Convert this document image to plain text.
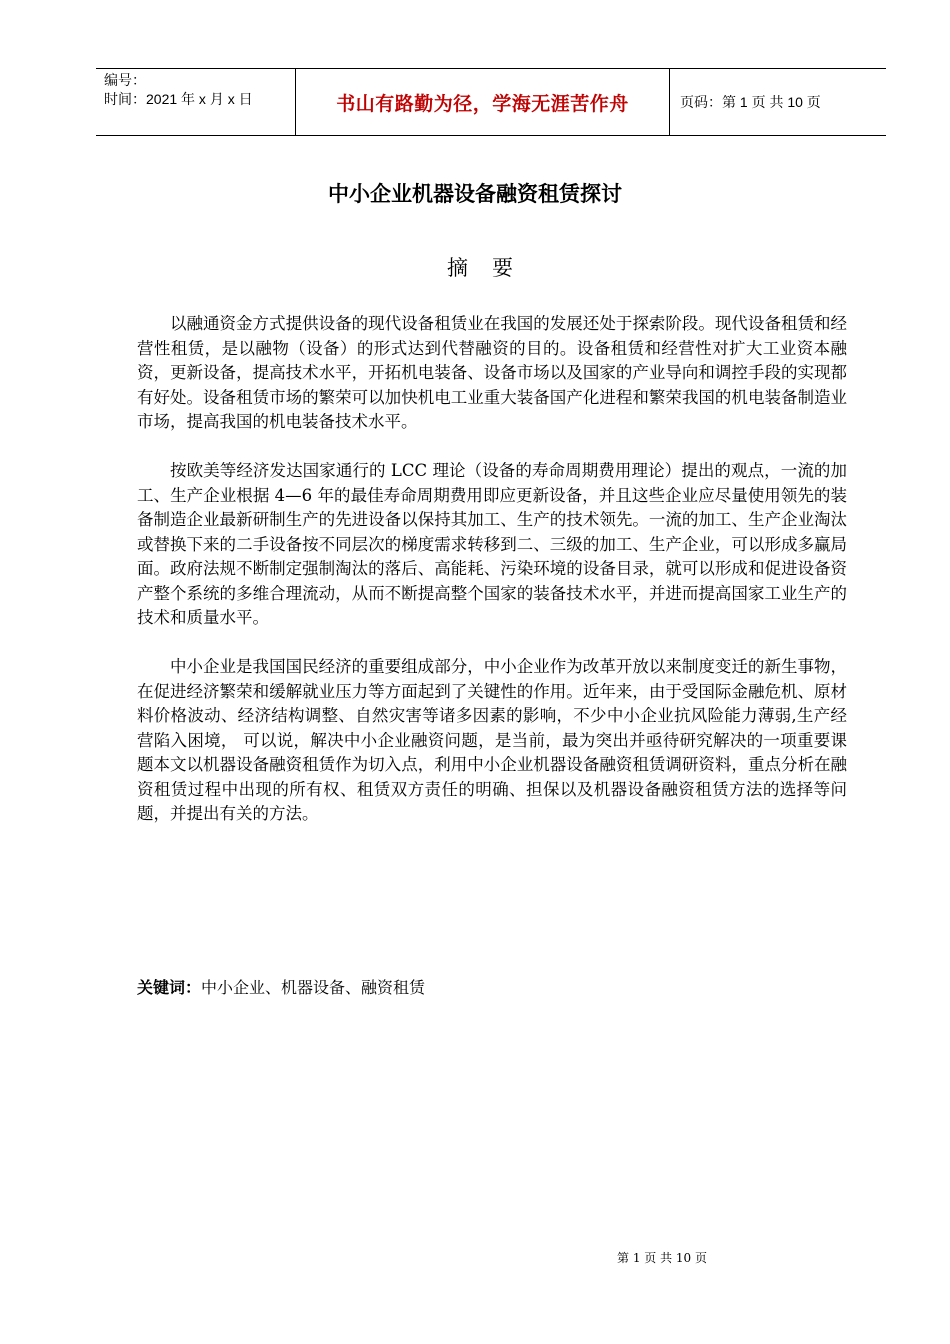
编号：
时间：2021 年 x 月 x 日	书山有路勤为径，学海无涯苦作舟	页码：第 1 页 共 10 页
中小企业机器设备融资租赁探讨
摘要

以融通资金方式提供设备的现代设备租赁业在我国的发展还处于探索阶段。现代设备租赁和经营性租赁，是以融物（设备）的形式达到代替融资的目的。设备租赁和经营性对扩大工业资本融资，更新设备，提高技术水平，开拓机电装备、设备市场以及国家的产业导向和调控手段的实现都有好处。设备租赁市场的繁荣可以加快机电工业重大装备国产化进程和繁荣我国的机电装备制造业市场，提高我国的机电装备技术水平。

按欧美等经济发达国家通行的 LCC 理论（设备的寿命周期费用理论）提出的观点，一流的加工、生产企业根据 4—6 年的最佳寿命周期费用即应更新设备，并且这些企业应尽量使用领先的装备制造企业最新研制生产的先进设备以保持其加工、生产的技术领先。一流的加工、生产企业淘汰或替换下来的二手设备按不同层次的梯度需求转移到二、三级的加工、生产企业，可以形成多赢局面。政府法规不断制定强制淘汰的落后、高能耗、污染环境的设备目录，就可以形成和促进设备资产整个系统的多维合理流动，从而不断提高整个国家的装备技术水平，并进而提高国家工业生产的技术和质量水平。

中小企业是我国国民经济的重要组成部分，中小企业作为改革开放以来制度变迁的新生事物，在促进经济繁荣和缓解就业压力等方面起到了关键性的作用。近年来，由于受国际金融危机、原材料价格波动、经济结构调整、自然灾害等诸多因素的影响，不少中小企业抗风险能力薄弱,生产经营陷入困境， 可以说，解决中小企业融资问题，是当前，最为突出并亟待研究解决的一项重要课题本文以机器设备融资租赁作为切入点，利用中小企业机器设备融资租赁调研资料，重点分析在融资租赁过程中出现的所有权、租赁双方责任的明确、担保以及机器设备融资租赁方法的选择等问题，并提出有关的方法。

关键词：中小企业、机器设备、融资租赁
第 1 页 共 10 页
